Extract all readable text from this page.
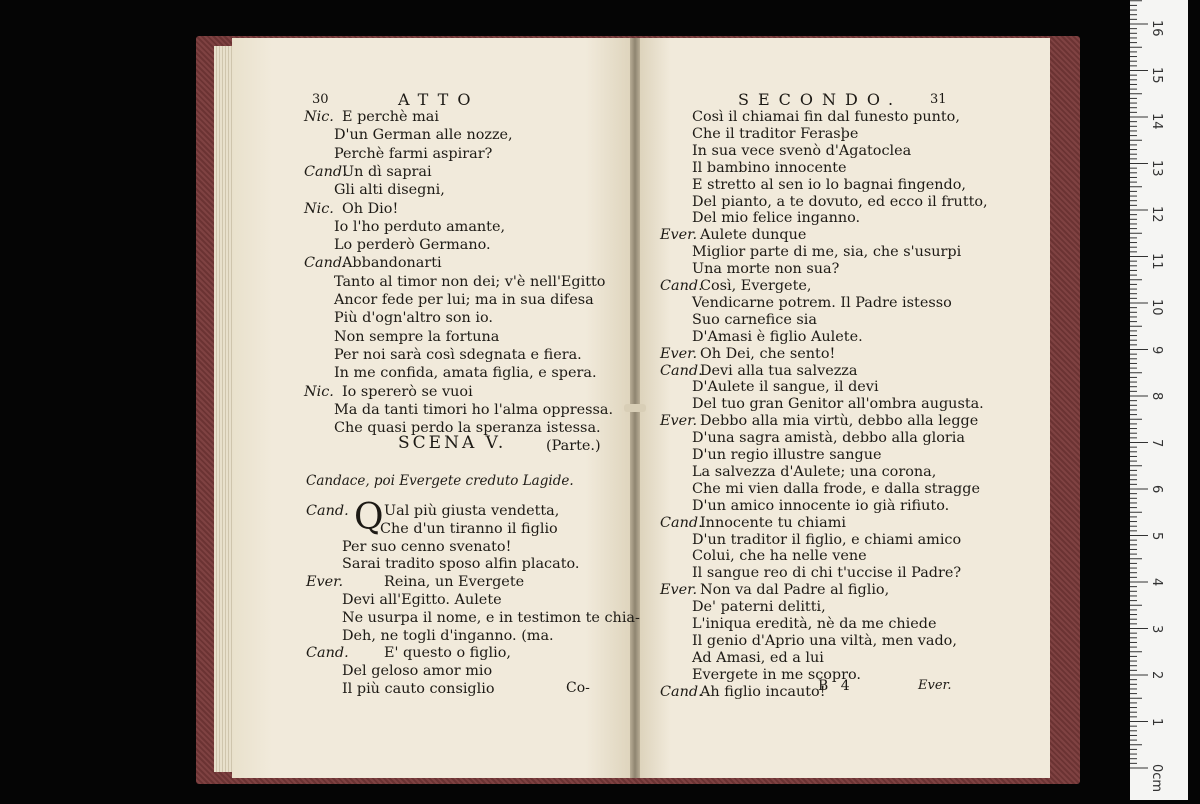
30	ATTO	SECONDO. 31
Nic. E perchè mai
D'un German alle nozze,
Perchè farmi aspirar?
Cand.
Un dì saprai
Gli alti disegni,
Nic. Oh Dio!
Io l'ho perduto amante,
Lo perderò Germano.
Cand.
Abbandonarti
Tanto al timor non dei; v'è nell'Egitto
Ancor fede per lui; ma in sua difesa
Più d'ogn'altro son io.
Non sempre la fortuna
Per noi sarà così sdegnata e fiera.
In me confida, amata figlia, e spera.
Nic. Io spererò se vuoi
Ma da tanti timori ho l'alma oppressa.
Che quasi perdo la speranza istessa.
(Parte.)
SCENA V.
Candace, poi Evergete creduto Lagide.
Q
Cand. Ual più giusta vendetta,
Che d'un tiranno il figlio
Per suo cenno svenato!
Sarai tradito sposo alfin placato.
Ever.	Reina, un Evergete
Devi all'Egitto. Aulete
Ne usurpa il nome, e in testimon te chia-
Deh, ne togli d'inganno. (ma.
Cand. E' questo o figlio,
Del geloso amor mio
Il più cauto consiglio	Co-
Così il chiamai fin dal funesto punto,
Che il traditor Ferasþe
In sua vece svenò d'Agatoclea
Il bambino innocente
E stretto al sen io lo bagnai fingendo,
Del pianto, a te dovuto, ed ecco il frutto,
Del mio felice inganno.
Ever. Aulete dunque
Miglior parte di me, sia, che s'usurpi
Una morte non sua?
Cand.
Così, Evergete,
Vendicarne potrem. Il Padre istesso
Suo carnefice sia
D'Amasi è figlio Aulete.
Ever. Oh Dei, che sento!
Cand.
Devi alla tua salvezza
D'Aulete il sangue, il devi
Del tuo gran Genitor all'ombra augusta.
Ever. Debbo alla mia virtù, debbo alla legge
D'una sagra amistà, debbo alla gloria
D'un regio illustre sangue
La salvezza d'Aulete; una corona,
Che mi vien dalla frode, e dalla stragge
D'un amico innocente io già rifiuto.
Cand.
Innocente tu chiami
D'un traditor il figlio, e chiami amico
Colui, che ha nelle vene
Il sangue reo di chi t'uccise il Padre?
Ever. Non va dal Padre al figlio,
De' paterni delitti,
L'iniqua eredità, nè da me chiede
Il genio d'Aprio una viltà, men vado,
Ad Amasi, ed a lui
Evergete in me scopro.
Cand.
Ah figlio incauto!
B 4	Ever.
0cm
1
2
3
4
5
6
7
8
9
10
11
12
13
14
15
16
